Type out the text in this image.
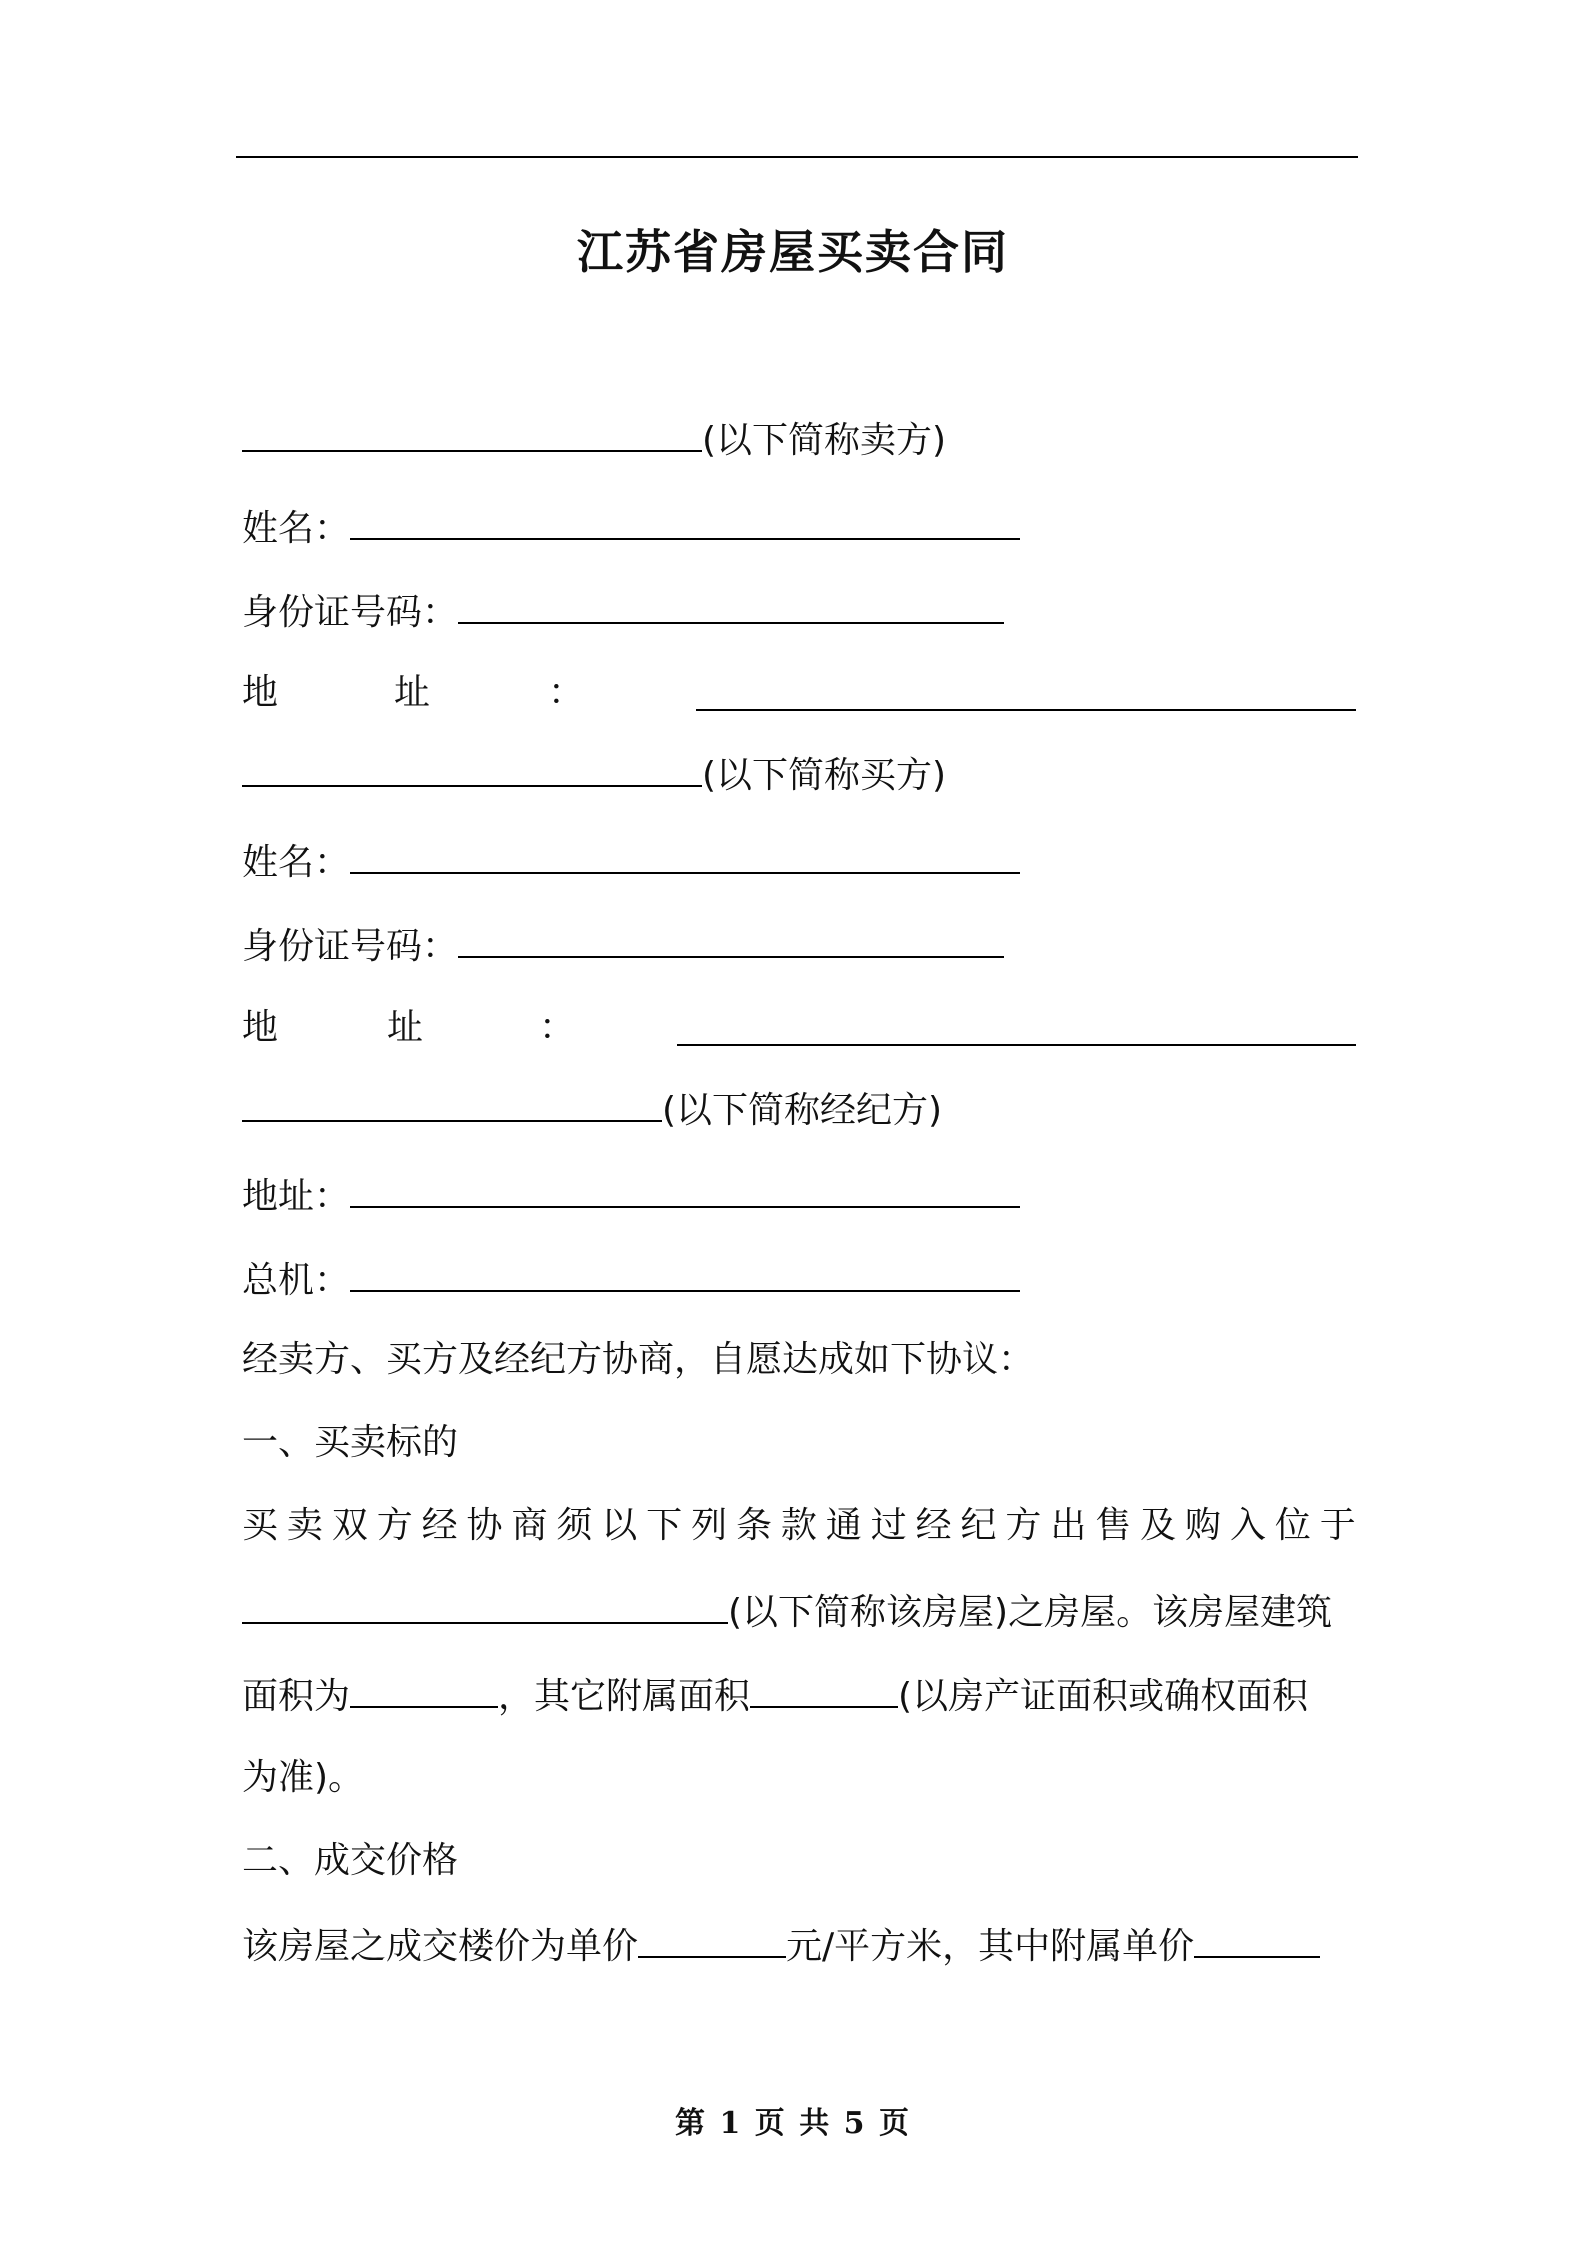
江苏省房屋买卖合同
(以下简称卖方)
姓名：
身份证号码：
地	址	：
(以下简称买方)
姓名：
身份证号码：
地	址	：
(以下简称经纪方)
地址：
总机：
经卖方、买方及经纪方协商，自愿达成如下协议：
一、买卖标的
买 卖 双 方 经 协 商 须 以 下 列 条 款 通 过 经 纪 方 出 售 及 购 入 位 于
(以下简称该房屋)之房屋。该房屋建筑
面积为	，其它附属面积	(以房产证面积或确权面积
为准)。
二、成交价格
该房屋之成交楼价为单价	元/平方米，其中附属单价
第 1 页 共 5 页
